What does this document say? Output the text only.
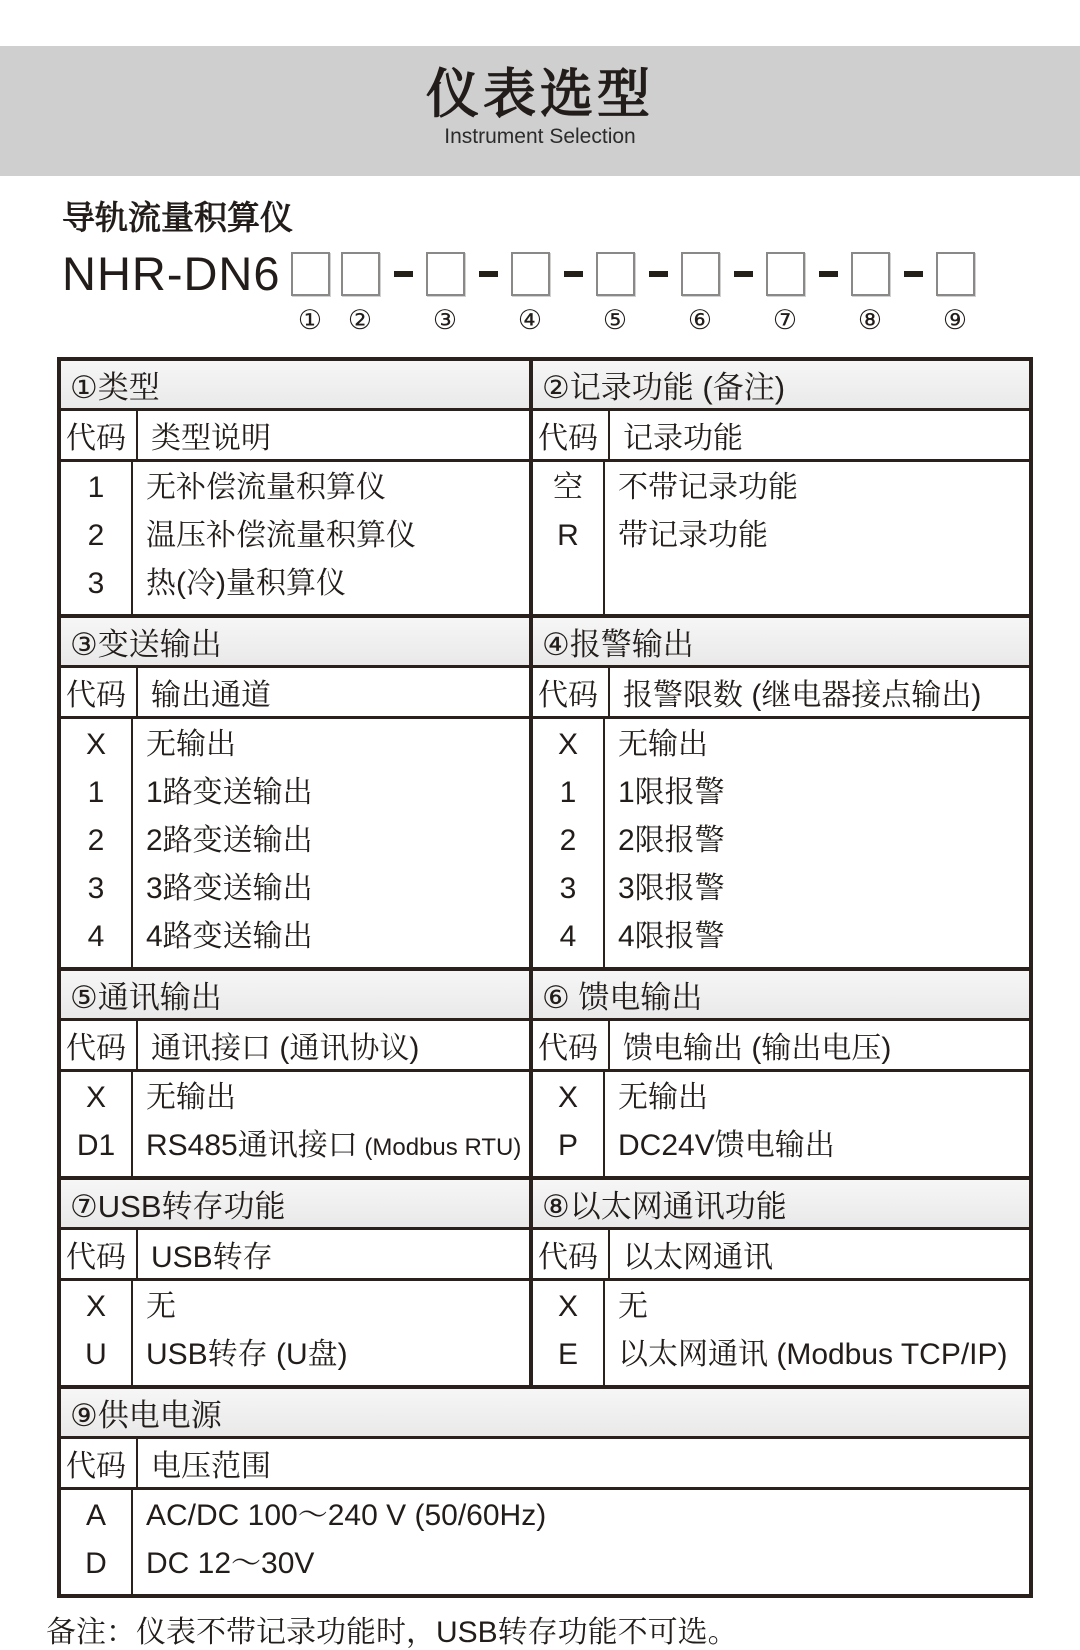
仪表选型
Instrument Selection
导轨流量积算仪
NHR-DN6
① ② ③ ④ ⑤ ⑥ ⑦ ⑧ ⑨
①类型
代码 类型说明
1
2
3
无补偿流量积算仪
温压补偿流量积算仪
热(冷)量积算仪
②记录功能 (备注)
代码 记录功能
空
R
不带记录功能
带记录功能
③变送输出
代码 输出通道
X
1
2
3
4
无输出
1路变送输出
2路变送输出
3路变送输出
4路变送输出
④报警输出
代码 报警限数 (继电器接点输出)
X
1
2
3
4
无输出
1限报警
2限报警
3限报警
4限报警
⑤通讯输出
代码 通讯接口 (通讯协议)
X
D1
无输出
RS485通讯接口 (Modbus RTU)
⑥ 馈电输出
代码 馈电输出 (输出电压)
X
P
无输出
DC24V馈电输出
⑦USB转存功能
代码 USB转存
X
U
无
USB转存 (U盘)
⑧以太网通讯功能
代码 以太网通讯
X
E
无
以太网通讯 (Modbus TCP/IP)
⑨供电电源
代码 电压范围
A
D
AC/DC 100～240 V (50/60Hz)
DC 12～30V
备注：仪表不带记录功能时，USB转存功能不可选。
